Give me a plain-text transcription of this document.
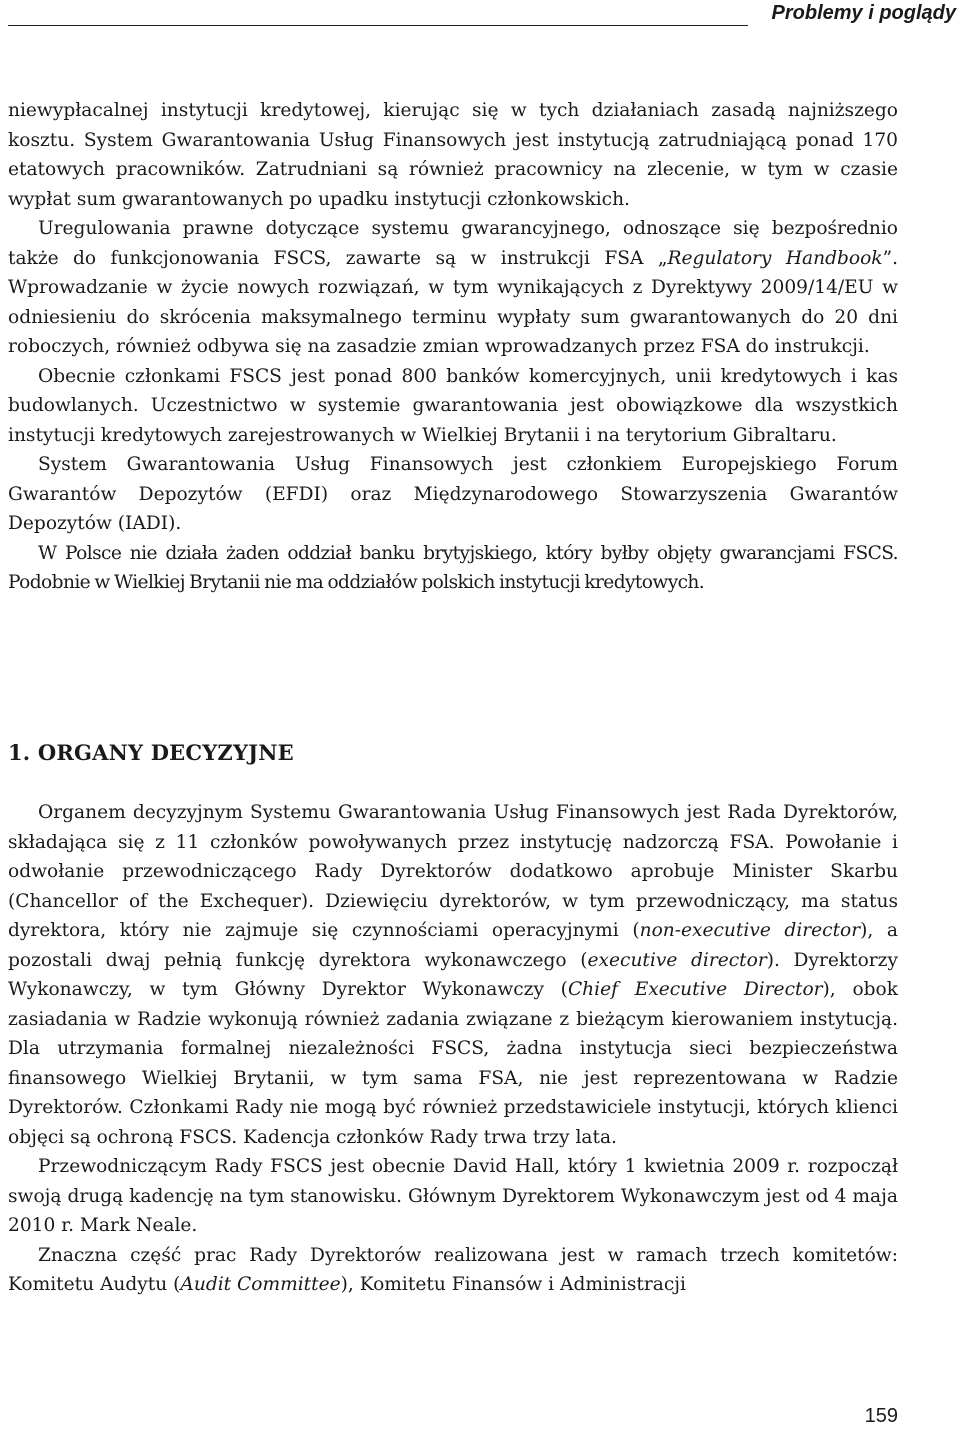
Problemy i poglądy

niewypłacalnej instytucji kredytowej, kierując się w tych działaniach zasadą najniższego kosztu. System Gwarantowania Usług Finansowych jest instytucją zatrudniającą ponad 170 etatowych pracowników. Zatrudniani są również pracownicy na zlecenie, w tym w czasie wypłat sum gwarantowanych po upadku instytucji członkowskich.

Uregulowania prawne dotyczące systemu gwarancyjnego, odnoszące się bezpośrednio także do funkcjonowania FSCS, zawarte są w instrukcji FSA „Regulatory Handbook”. Wprowadzanie w życie nowych rozwiązań, w tym wynikających z Dyrektywy 2009/14/EU w odniesieniu do skrócenia maksymalnego terminu wypłaty sum gwarantowanych do 20 dni roboczych, również odbywa się na zasadzie zmian wprowadzanych przez FSA do instrukcji.

Obecnie członkami FSCS jest ponad 800 banków komercyjnych, unii kredytowych i kas budowlanych. Uczestnictwo w systemie gwarantowania jest obowiązkowe dla wszystkich instytucji kredytowych zarejestrowanych w Wielkiej Brytanii i na terytorium Gibraltaru.

System Gwarantowania Usług Finansowych jest członkiem Europejskiego Forum Gwarantów Depozytów (EFDI) oraz Międzynarodowego Stowarzyszenia Gwarantów Depozytów (IADI).

W Polsce nie działa żaden oddział banku brytyjskiego, który byłby objęty gwarancjami FSCS. Podobnie w Wielkiej Brytanii nie ma oddziałów polskich instytucji kredytowych.

1. ORGANY DECYZYJNE

Organem decyzyjnym Systemu Gwarantowania Usług Finansowych jest Rada Dyrektorów, składająca się z 11 członków powoływanych przez instytucję nadzorczą FSA. Powołanie i odwołanie przewodniczącego Rady Dyrektorów dodatkowo aprobuje Minister Skarbu (Chancellor of the Exchequer). Dziewięciu dyrektorów, w tym przewodniczący, ma status dyrektora, który nie zajmuje się czynnościami operacyjnymi (non-executive director), a pozostali dwaj pełnią funkcję dyrektora wykonawczego (executive director). Dyrektorzy Wykonawczy, w tym Główny Dyrektor Wykonawczy (Chief Executive Director), obok zasiadania w Radzie wykonują również zadania związane z bieżącym kierowaniem instytucją. Dla utrzymania formalnej niezależności FSCS, żadna instytucja sieci bezpieczeństwa finansowego Wielkiej Brytanii, w tym sama FSA, nie jest reprezentowana w Radzie Dyrektorów. Członkami Rady nie mogą być również przedstawiciele instytucji, których klienci objęci są ochroną FSCS. Kadencja członków Rady trwa trzy lata.

Przewodniczącym Rady FSCS jest obecnie David Hall, który 1 kwietnia 2009 r. rozpoczął swoją drugą kadencję na tym stanowisku. Głównym Dyrektorem Wykonawczym jest od 4 maja 2010 r. Mark Neale.

Znaczna część prac Rady Dyrektorów realizowana jest w ramach trzech komitetów: Komitetu Audytu (Audit Committee), Komitetu Finansów i Administracji

159
